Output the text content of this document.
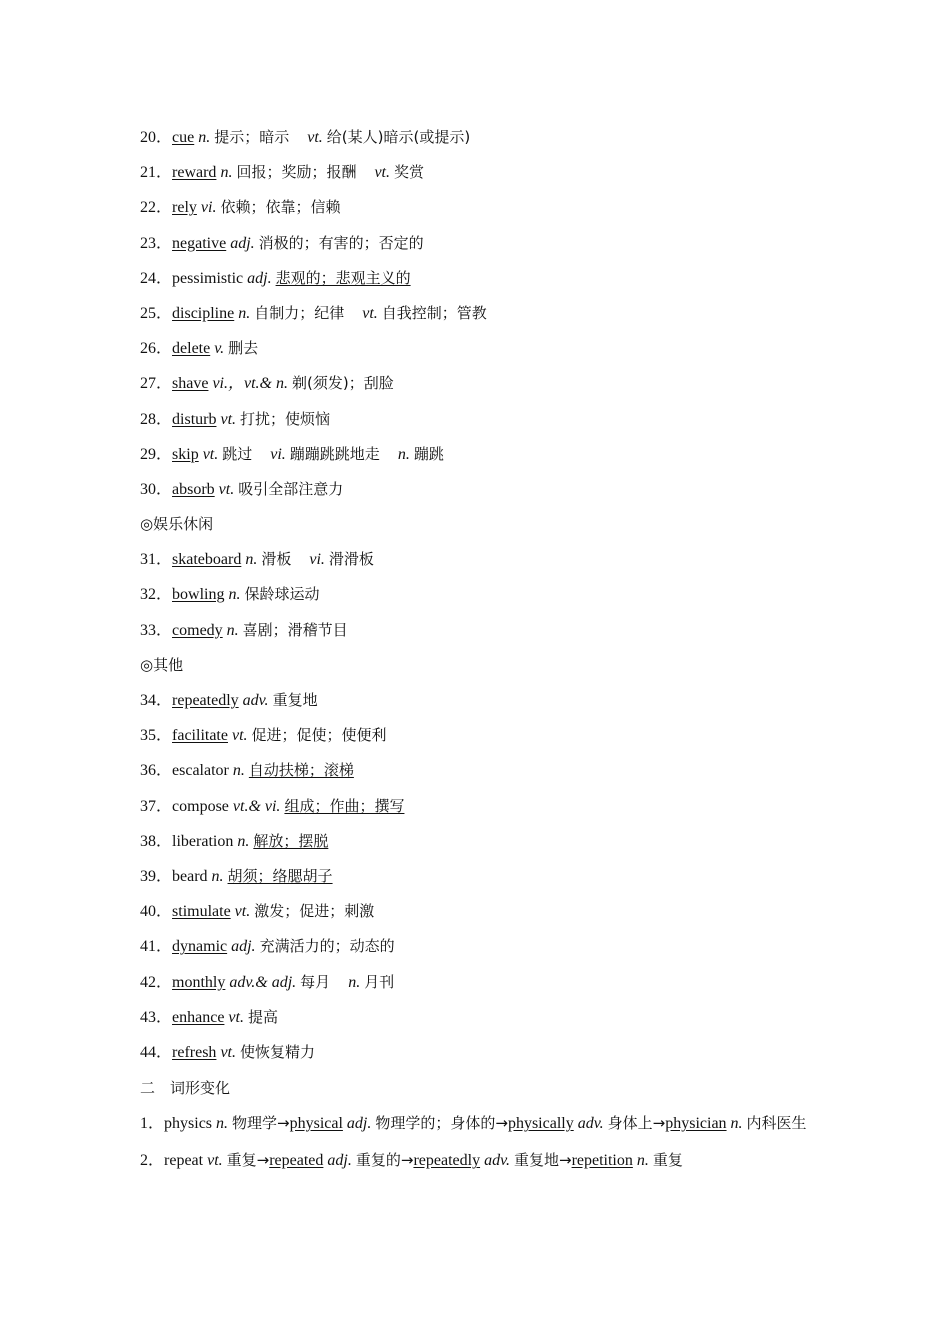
20．cue n. 提示；暗示 vt. 给(某人)暗示(或提示)
21．reward n. 回报；奖励；报酬 vt. 奖赏
22．rely vi. 依赖；依靠；信赖
23．negative adj. 消极的；有害的；否定的
24．pessimistic adj. 悲观的；悲观主义的
25．discipline n. 自制力；纪律 vt. 自我控制；管教
26．delete v. 删去
27．shave vi.，vt.& n. 剃(须发)；刮脸
28．disturb vt. 打扰；使烦恼
29．skip vt. 跳过 vi. 蹦蹦跳跳地走 n. 蹦跳
30．absorb vt. 吸引全部注意力
◎娱乐休闲
31．skateboard n. 滑板 vi. 滑滑板
32．bowling n. 保龄球运动
33．comedy n. 喜剧；滑稽节目
◎其他
34．repeatedly adv. 重复地
35．facilitate vt. 促进；促使；使便利
36．escalator n. 自动扶梯；滚梯
37．compose vt.& vi. 组成；作曲；撰写
38．liberation n. 解放；摆脱
39．beard n. 胡须；络腮胡子
40．stimulate vt. 激发；促进；刺激
41．dynamic adj. 充满活力的；动态的
42．monthly adv.& adj. 每月 n. 月刊
43．enhance vt. 提高
44．refresh vt. 使恢复精力
二　词形变化
1．physics n. 物理学→physical adj. 物理学的；身体的→physically adv. 身体上→physician n. 内科医生
2．repeat vt. 重复→repeated adj. 重复的→repeatedly adv. 重复地→repetition n. 重复
